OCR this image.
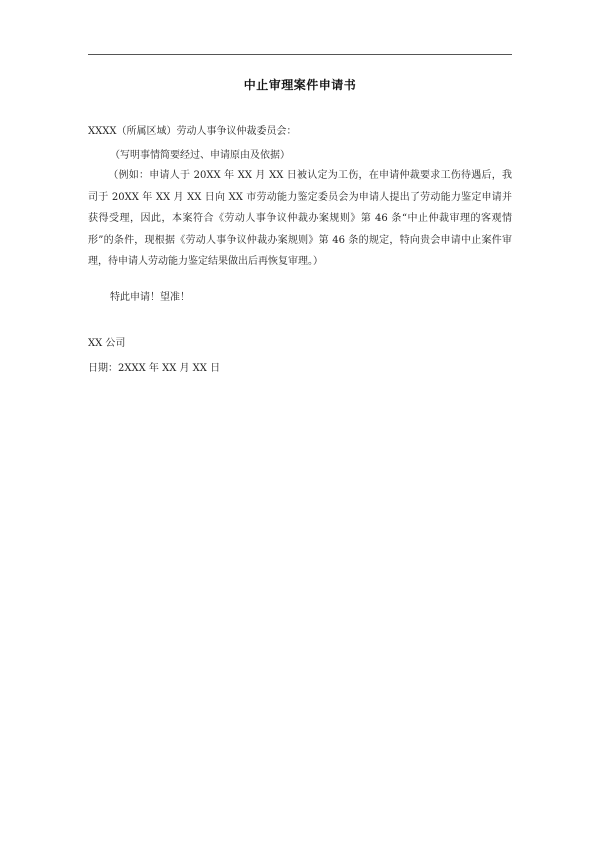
中止审理案件申请书
XXXX（所属区域）劳动人事争议仲裁委员会：
（写明事情简要经过、申请原由及依据）
（例如：申请人于 20XX 年 XX 月 XX 日被认定为工伤，在申请仲裁要求工伤待遇后，我司于 20XX 年 XX 月 XX 日向 XX 市劳动能力鉴定委员会为申请人提出了劳动能力鉴定申请并获得受理，因此，本案符合《劳动人事争议仲裁办案规则》第 46 条“中止仲裁审理的客观情形”的条件，现根据《劳动人事争议仲裁办案规则》第 46 条的规定，特向贵会申请中止案件审理，待申请人劳动能力鉴定结果做出后再恢复审理。）
特此申请！望准！
XX 公司
日期：2XXX 年 XX 月 XX 日
